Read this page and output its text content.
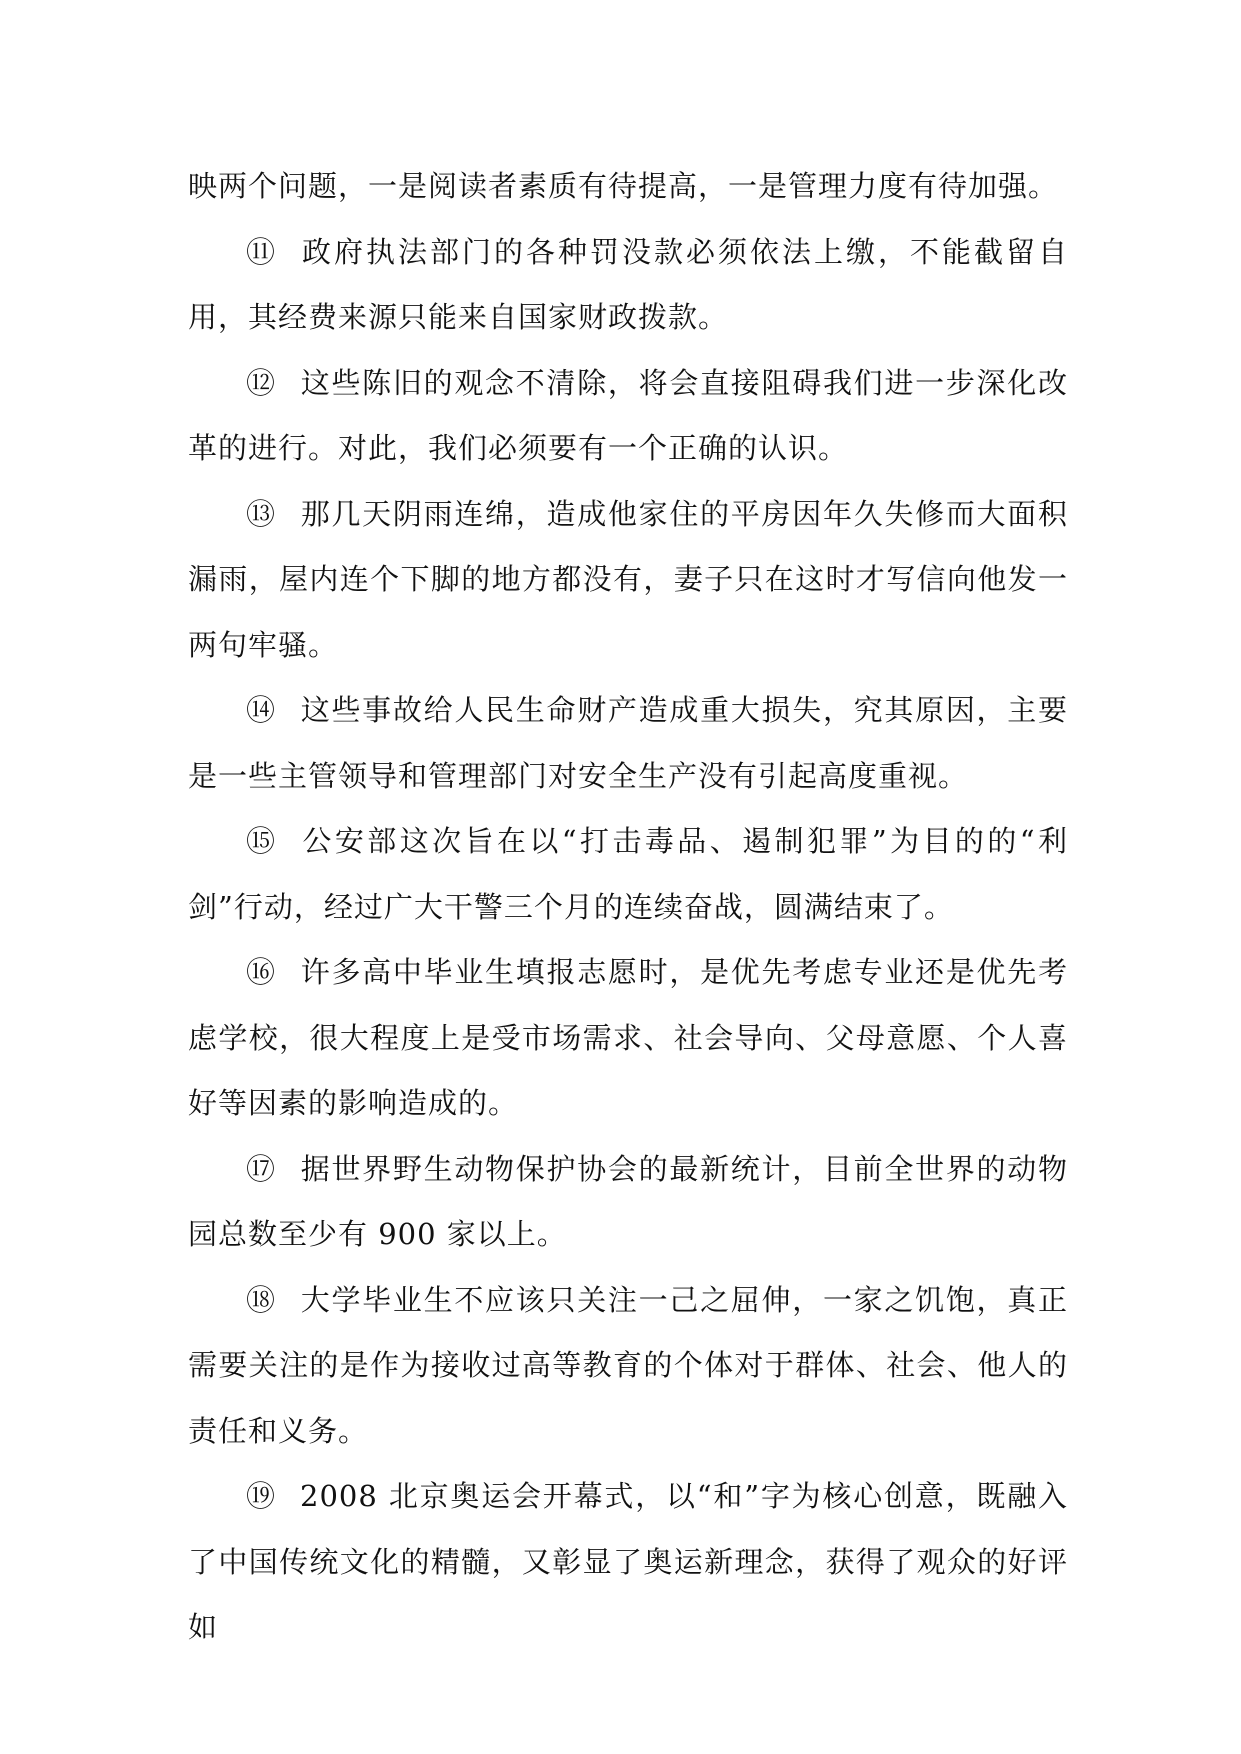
映两个问题，一是阅读者素质有待提高，一是管理力度有待加强。

⑪ 政府执法部门的各种罚没款必须依法上缴，不能截留自用，其经费来源只能来自国家财政拨款。

⑫ 这些陈旧的观念不清除，将会直接阻碍我们进一步深化改革的进行。对此，我们必须要有一个正确的认识。

⑬ 那几天阴雨连绵，造成他家住的平房因年久失修而大面积漏雨，屋内连个下脚的地方都没有，妻子只在这时才写信向他发一两句牢骚。

⑭ 这些事故给人民生命财产造成重大损失，究其原因，主要是一些主管领导和管理部门对安全生产没有引起高度重视。

⑮ 公安部这次旨在以“打击毒品、遏制犯罪”为目的的“利剑”行动，经过广大干警三个月的连续奋战，圆满结束了。

⑯ 许多高中毕业生填报志愿时，是优先考虑专业还是优先考虑学校，很大程度上是受市场需求、社会导向、父母意愿、个人喜好等因素的影响造成的。

⑰ 据世界野生动物保护协会的最新统计，目前全世界的动物园总数至少有 900 家以上。

⑱ 大学毕业生不应该只关注一己之屈伸，一家之饥饱，真正需要关注的是作为接收过高等教育的个体对于群体、社会、他人的责任和义务。

⑲ 2008 北京奥运会开幕式，以“和”字为核心创意，既融入了中国传统文化的精髓，又彰显了奥运新理念，获得了观众的好评如
